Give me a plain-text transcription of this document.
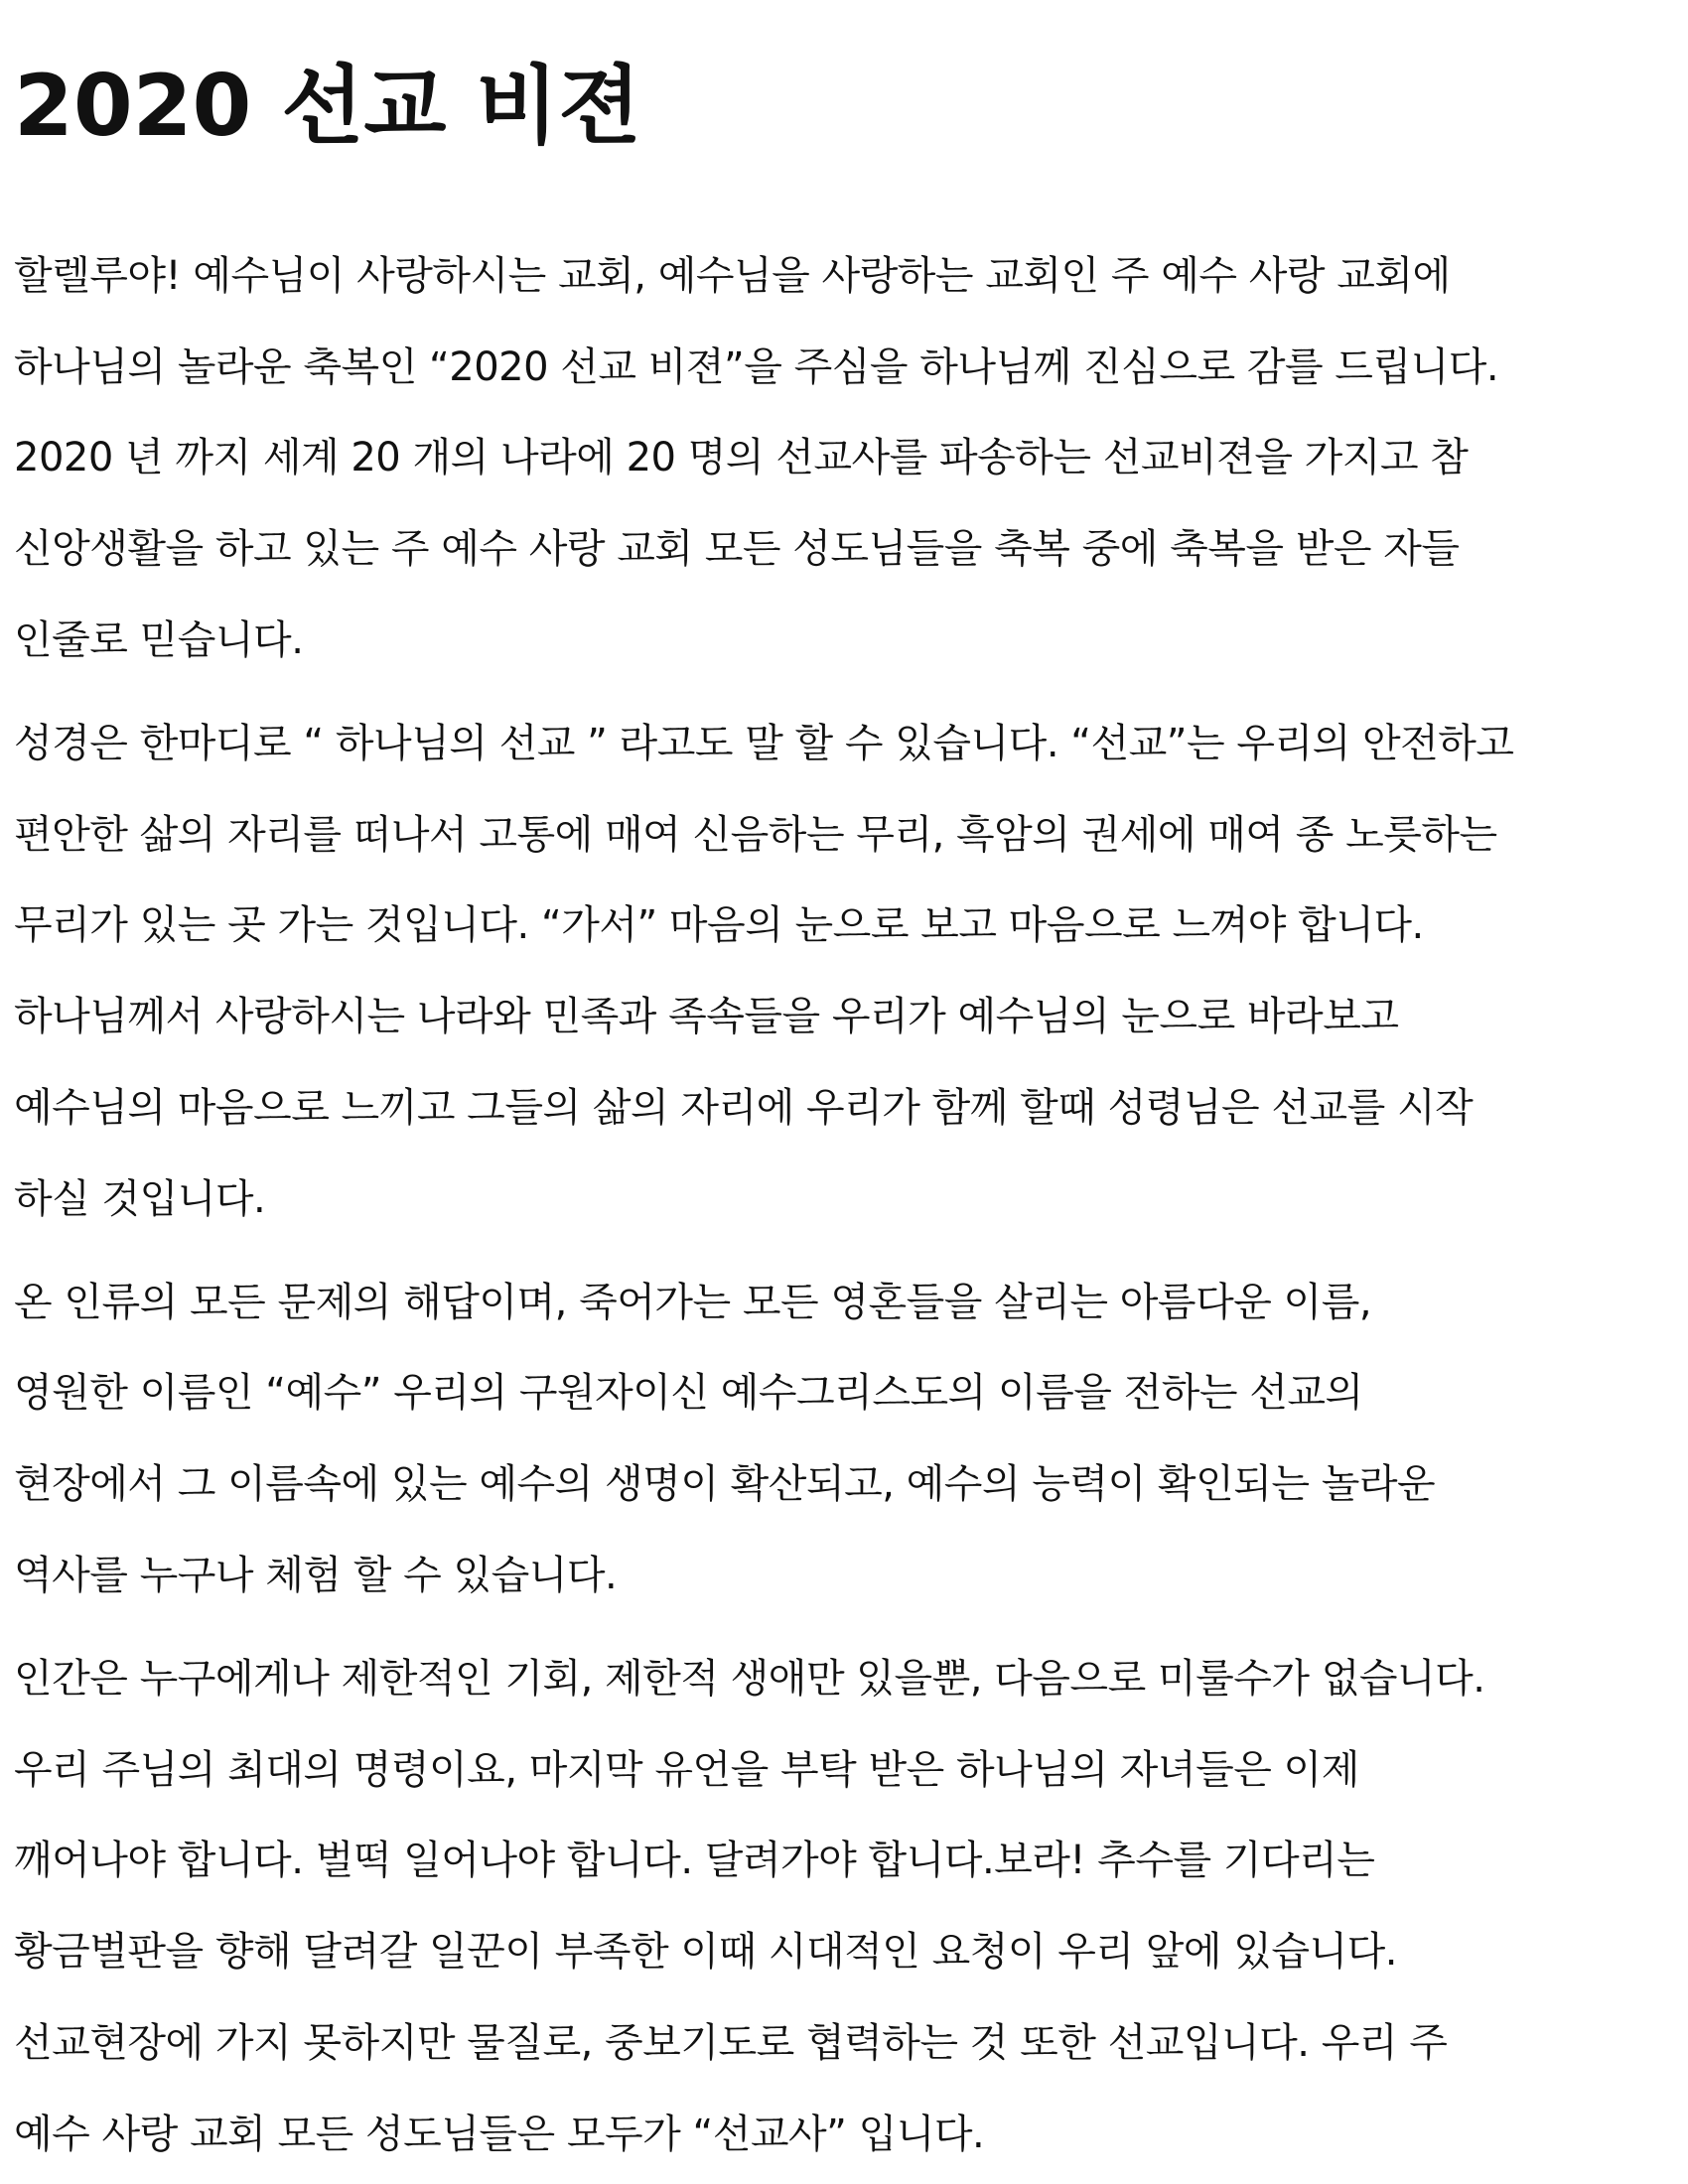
2020 선교 비젼

할렐루야! 예수님이 사랑하시는 교회, 예수님을 사랑하는 교회인 주 예수 사랑 교회에

하나님의 놀라운 축복인 “2020 선교 비젼”을 주심을 하나님께 진심으로 감를 드립니다.

2020 년 까지 세계 20 개의 나라에 20 명의 선교사를 파송하는 선교비젼을 가지고 참

신앙생활을 하고 있는 주 예수 사랑 교회 모든 성도님들을 축복 중에 축복을 받은 자들

인줄로 믿습니다.

성경은 한마디로 “ 하나님의 선교 ” 라고도 말 할 수 있습니다. “선교”는 우리의 안전하고

편안한 삶의 자리를 떠나서 고통에 매여 신음하는 무리, 흑암의 권세에 매여 종 노릇하는

무리가 있는 곳 가는 것입니다. “가서” 마음의 눈으로 보고 마음으로 느껴야 합니다.

하나님께서 사랑하시는 나라와 민족과 족속들을 우리가 예수님의 눈으로 바라보고

예수님의 마음으로 느끼고 그들의 삶의 자리에 우리가 함께 할때 성령님은 선교를 시작

하실 것입니다.

온 인류의 모든 문제의 해답이며, 죽어가는 모든 영혼들을 살리는 아름다운 이름,

영원한 이름인 “예수” 우리의 구원자이신 예수그리스도의 이름을 전하는 선교의

현장에서 그 이름속에 있는 예수의 생명이 확산되고, 예수의 능력이 확인되는 놀라운

역사를 누구나 체험 할 수 있습니다.

인간은 누구에게나 제한적인 기회, 제한적 생애만 있을뿐, 다음으로 미룰수가 없습니다.

우리 주님의 최대의 명령이요, 마지막 유언을 부탁 받은 하나님의 자녀들은 이제

깨어나야 합니다. 벌떡 일어나야 합니다. 달려가야 합니다.보라! 추수를 기다리는

황금벌판을 향해 달려갈 일꾼이 부족한 이때 시대적인 요청이 우리 앞에 있습니다.

선교현장에 가지 못하지만 물질로, 중보기도로 협력하는 것 또한 선교입니다. 우리 주

예수 사랑 교회 모든 성도님들은 모두가 “선교사” 입니다.
